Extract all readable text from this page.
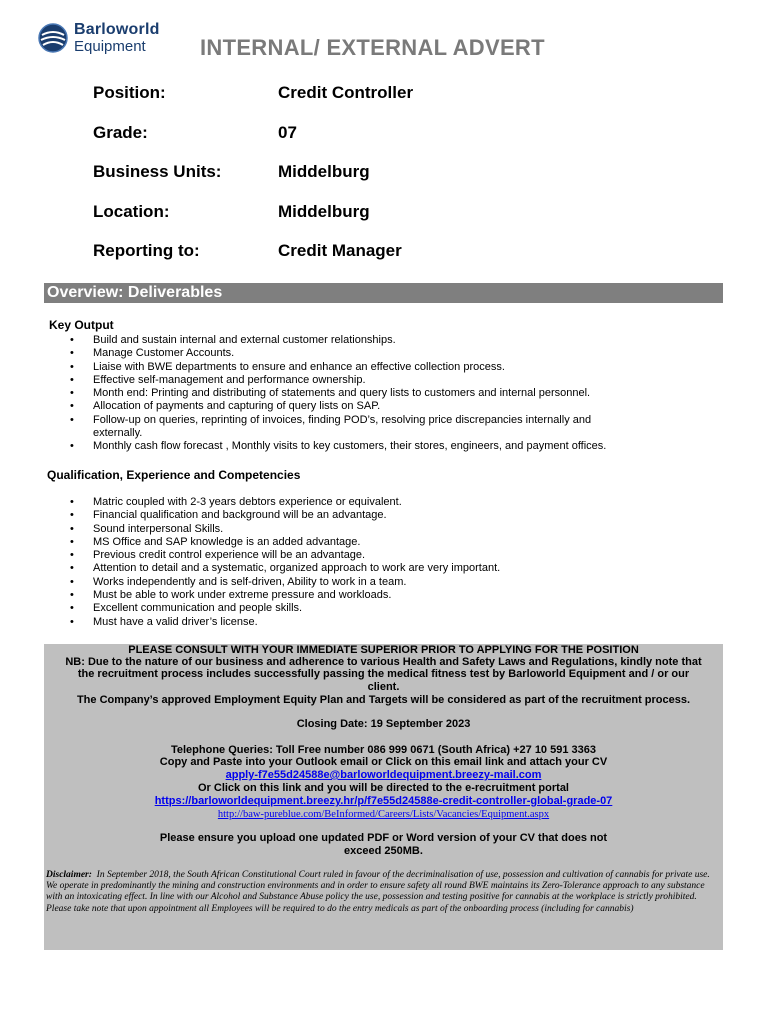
Barloworld
Equipment INTERNAL/ EXTERNAL ADVERT
Position:	Credit Controller
Grade:	07
Business Units:	Middelburg
Location:	Middelburg
Reporting to:	Credit Manager
Overview: Deliverables
Key Output
• Build and sustain internal and external customer relationships.
• Manage Customer Accounts.
• Liaise with BWE departments to ensure and enhance an effective collection process.
• Effective self-management and performance ownership.
• Month end: Printing and distributing of statements and query lists to customers and internal personnel.
• Allocation of payments and capturing of query lists on SAP.
• Follow-up on queries, reprinting of invoices, finding POD’s, resolving price discrepancies internally and
externally.
• Monthly cash flow forecast , Monthly visits to key customers, their stores, engineers, and payment offices.
Qualification, Experience and Competencies
• Matric coupled with 2-3 years debtors experience or equivalent.
• Financial qualification and background will be an advantage.
• Sound interpersonal Skills.
• MS Office and SAP knowledge is an added advantage.
• Previous credit control experience will be an advantage.
• Attention to detail and a systematic, organized approach to work are very important.
• Works independently and is self-driven, Ability to work in a team.
• Must be able to work under extreme pressure and workloads.
• Excellent communication and people skills.
• Must have a valid driver’s license.
PLEASE CONSULT WITH YOUR IMMEDIATE SUPERIOR PRIOR TO APPLYING FOR THE POSITION
NB: Due to the nature of our business and adherence to various Health and Safety Laws and Regulations, kindly note that
the recruitment process includes successfully passing the medical fitness test by Barloworld Equipment and / or our
client.
The Company’s approved Employment Equity Plan and Targets will be considered as part of the recruitment process.
Closing Date: 19 September 2023
Telephone Queries: Toll Free number 086 999 0671 (South Africa) +27 10 591 3363
Copy and Paste into your Outlook email or Click on this email link and attach your CV
apply-f7e55d24588e@barloworldequipment.breezy-mail.com
Or Click on this link and you will be directed to the e-recruitment portal
https://barloworldequipment.breezy.hr/p/f7e55d24588e-credit-controller-global-grade-07
http://baw-pureblue.com/BeInformed/Careers/Lists/Vacancies/Equipment.aspx
Please ensure you upload one updated PDF or Word version of your CV that does not
exceed 250MB.
Disclaimer: In September 2018, the South African Constitutional Court ruled in favour of the decriminalisation of use, possession and cultivation of cannabis for private use. We operate in predominantly the mining and construction environments and in order to ensure safety all round BWE maintains its Zero-Tolerance approach to any substance with an intoxicating effect. In line with our Alcohol and Substance Abuse policy the use, possession and testing positive for cannabis at the workplace is strictly prohibited. Please take note that upon appointment all Employees will be required to do the entry medicals as part of the onboarding process (including for cannabis)
